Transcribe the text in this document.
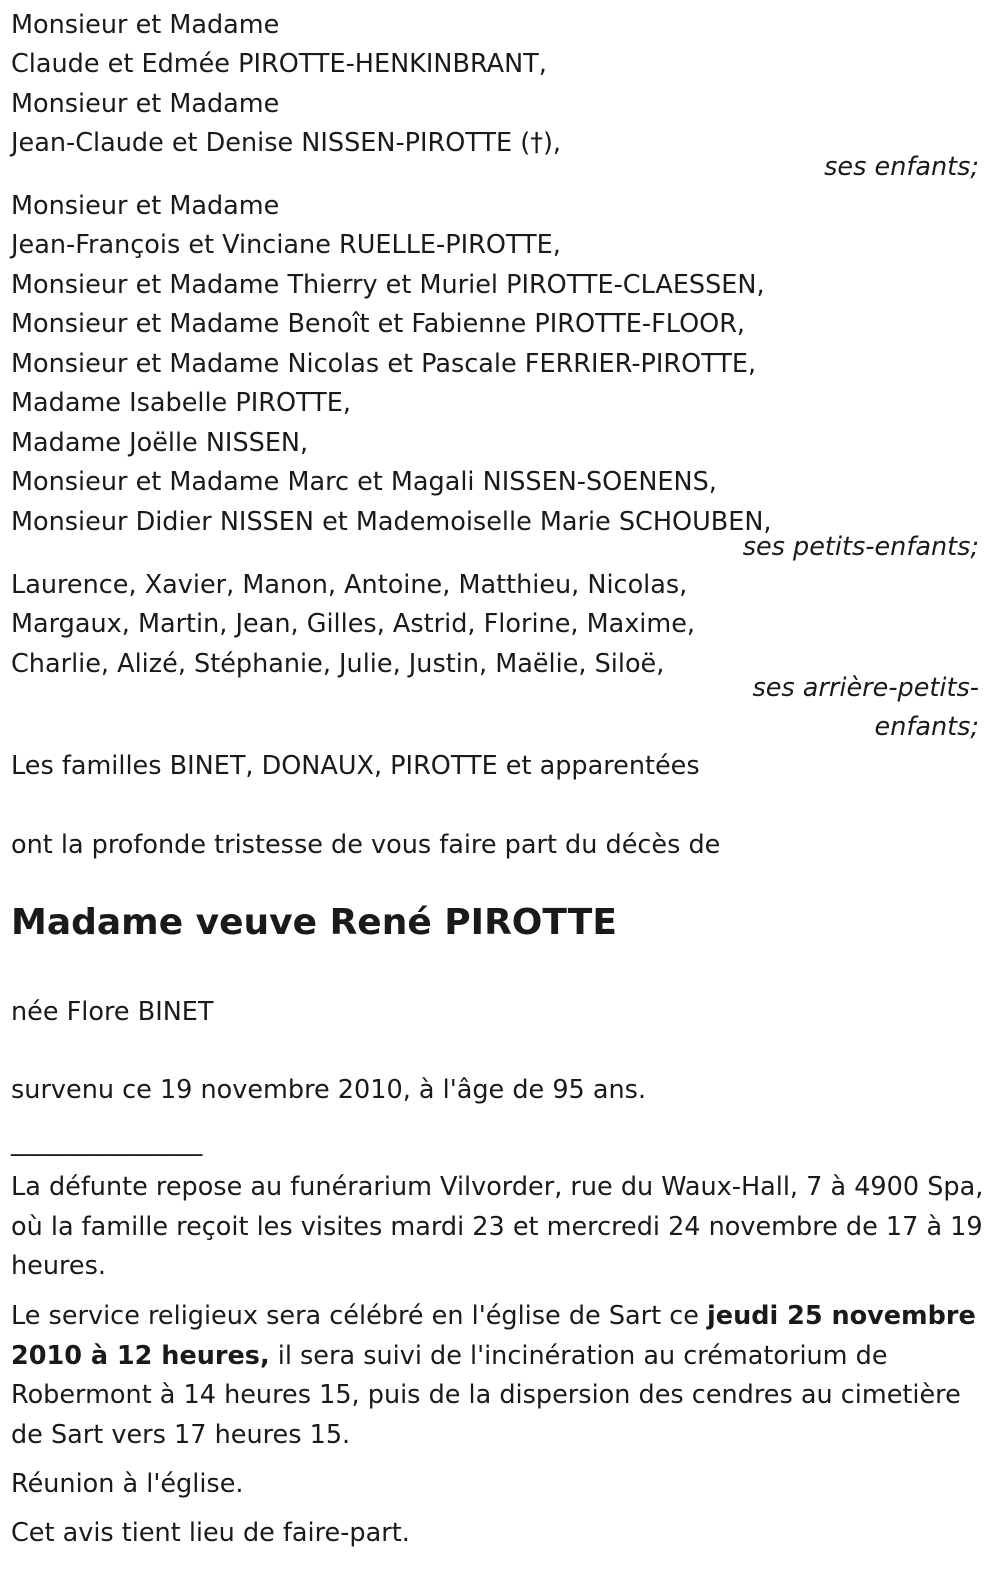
Monsieur et Madame
Claude et Edmée PIROTTE-HENKINBRANT,
Monsieur et Madame
Jean-Claude et Denise NISSEN-PIROTTE (†),
ses enfants;
Monsieur et Madame
Jean-François et Vinciane RUELLE-PIROTTE,
Monsieur et Madame Thierry et Muriel PIROTTE-CLAESSEN,
Monsieur et Madame Benoît et Fabienne PIROTTE-FLOOR,
Monsieur et Madame Nicolas et Pascale FERRIER-PIROTTE,
Madame Isabelle PIROTTE,
Madame Joëlle NISSEN,
Monsieur et Madame Marc et Magali NISSEN-SOENENS,
Monsieur Didier NISSEN et Mademoiselle Marie SCHOUBEN,
ses petits-enfants;
Laurence, Xavier, Manon, Antoine, Matthieu, Nicolas,
Margaux, Martin, Jean, Gilles, Astrid, Florine, Maxime,
Charlie, Alizé, Stéphanie, Julie, Justin, Maëlie, Siloë,
ses arrière-petits-
enfants;
Les familles BINET, DONAUX, PIROTTE et apparentées
ont la profonde tristesse de vous faire part du décès de
Madame veuve René PIROTTE
née Flore BINET
survenu ce 19 novembre 2010, à l'âge de 95 ans.
_______________
La défunte repose au funérarium Vilvorder, rue du Waux-Hall, 7 à 4900 Spa, où la famille reçoit les visites mardi 23 et mercredi 24 novembre de 17 à 19 heures.
Le service religieux sera célébré en l'église de Sart ce jeudi 25 novembre 2010 à 12 heures, il sera suivi de l'incinération au crématorium de Robermont à 14 heures 15, puis de la dispersion des cendres au cimetière de Sart vers 17 heures 15.
Réunion à l'église.
Cet avis tient lieu de faire-part.
